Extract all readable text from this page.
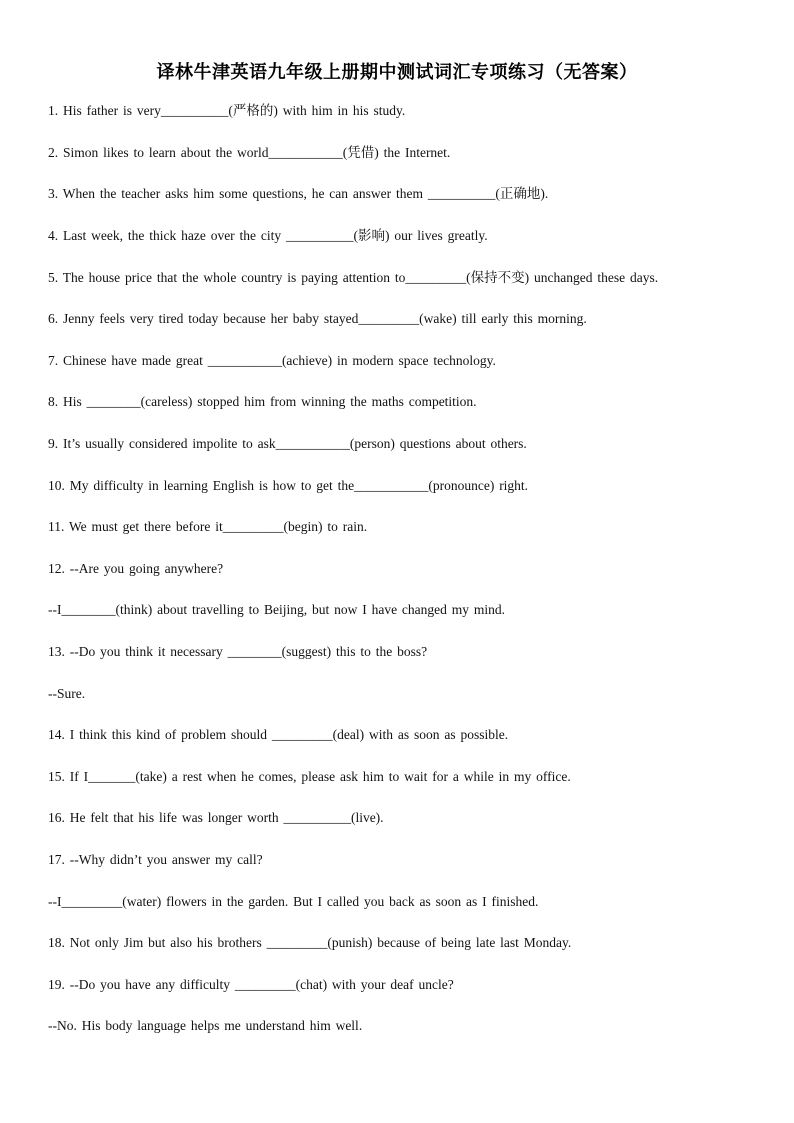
译林牛津英语九年级上册期中测试词汇专项练习（无答案）
1. His father is very__________(严格的) with him in his study.
2. Simon likes to learn about the world___________(凭借) the Internet.
3. When the teacher asks him some questions, he can answer them __________(正确地).
4. Last week, the thick haze over the city __________(影响) our lives greatly.
5. The house price that the whole country is paying attention to_________(保持不变) unchanged these days.
6. Jenny feels very tired today because her baby stayed_________(wake) till early this morning.
7. Chinese have made great ___________(achieve) in modern space technology.
8. His ________(careless) stopped him from winning the maths competition.
9. It’s usually considered impolite to ask___________(person) questions about others.
10. My difficulty in learning English is how to get the___________(pronounce) right.
11. We must get there before it_________(begin) to rain.
12. --Are you going anywhere?
--I________(think) about travelling to Beijing, but now I have changed my mind.
13. --Do you think it necessary ________(suggest) this to the boss?
--Sure.
14. I think this kind of problem should _________(deal) with as soon as possible.
15. If I_______(take) a rest when he comes, please ask him to wait for a while in my office.
16. He felt that his life was longer worth __________(live).
17. --Why didn’t you answer my call?
--I_________(water) flowers in the garden. But I called you back as soon as I finished.
18. Not only Jim but also his brothers _________(punish) because of being late last Monday.
19. --Do you have any difficulty _________(chat) with your deaf uncle?
--No. His body language helps me understand him well.
